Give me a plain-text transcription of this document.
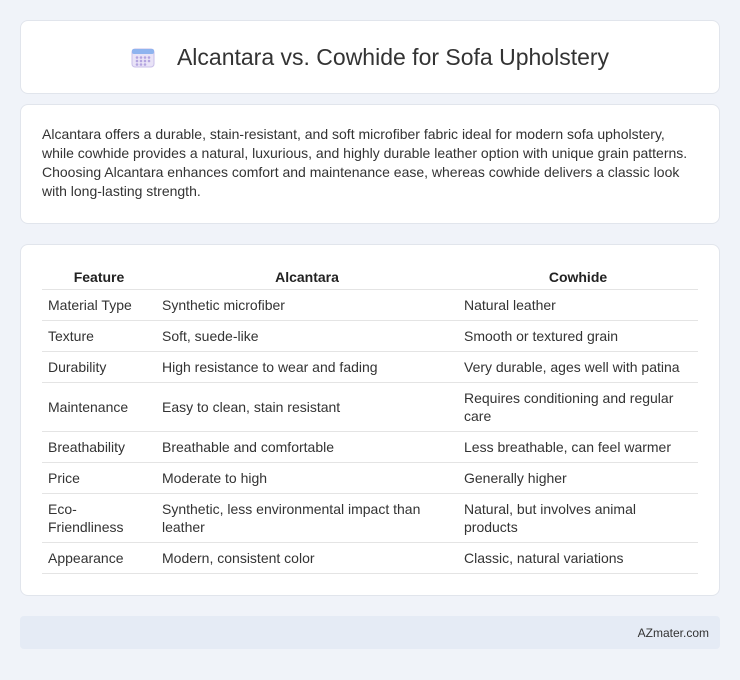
Alcantara vs. Cowhide for Sofa Upholstery

Alcantara offers a durable, stain-resistant, and soft microfiber fabric ideal for modern sofa upholstery, while cowhide provides a natural, luxurious, and highly durable leather option with unique grain patterns. Choosing Alcantara enhances comfort and maintenance ease, whereas cowhide delivers a classic look with long-lasting strength.

Feature	Alcantara	Cowhide
Material Type	Synthetic microfiber	Natural leather
Texture	Soft, suede-like	Smooth or textured grain
Durability	High resistance to wear and fading	Very durable, ages well with patina
Maintenance	Easy to clean, stain resistant	Requires conditioning and regular care
Breathability	Breathable and comfortable	Less breathable, can feel warmer
Price	Moderate to high	Generally higher
Eco-Friendliness	Synthetic, less environmental impact than leather	Natural, but involves animal products
Appearance	Modern, consistent color	Classic, natural variations
AZmater.com
